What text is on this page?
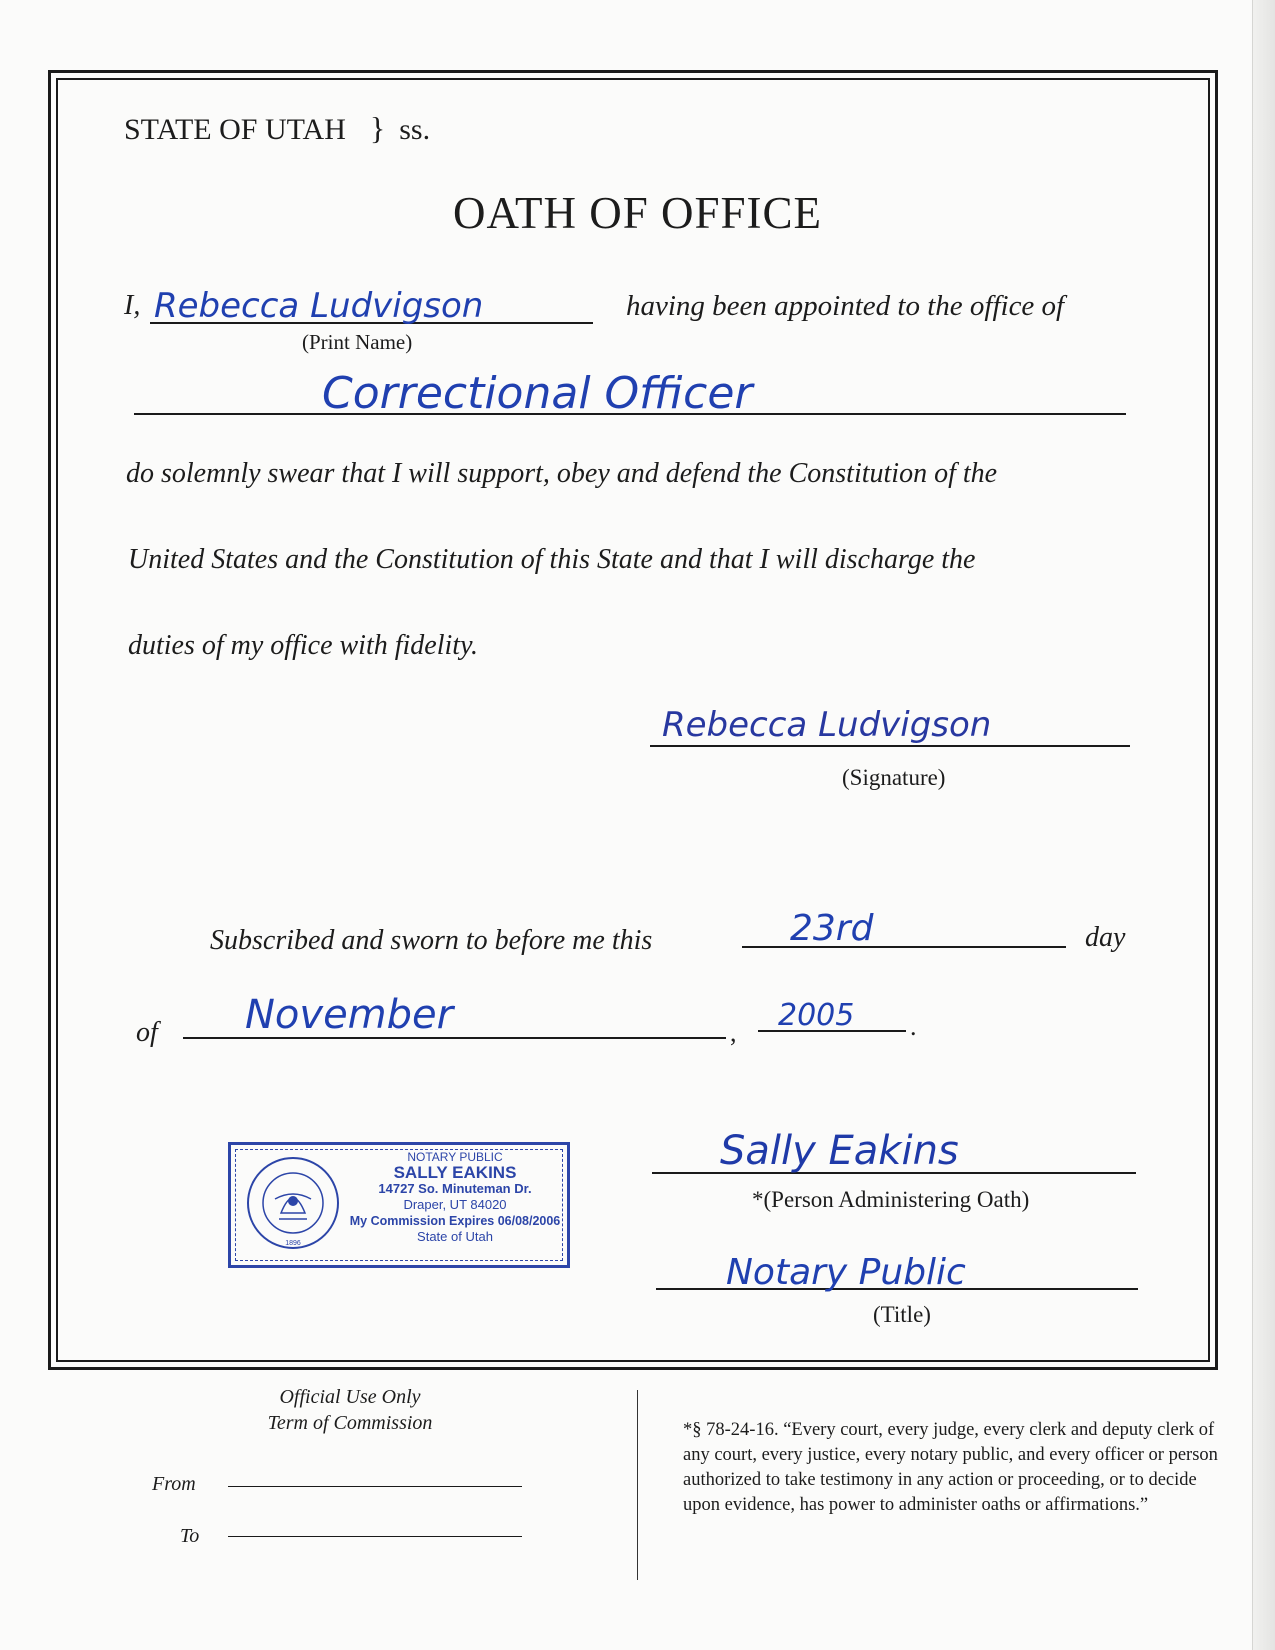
STATE OF UTAH } ss.
OATH OF OFFICE
I, Rebecca Ludvigson
(Print Name)
having been appointed to the office of
Correctional Officer
do solemnly swear that I will support, obey and defend the Constitution of the
United States and the Constitution of this State and that I will discharge the
duties of my office with fidelity.
Rebecca Ludvigson
(Signature)
Subscribed and sworn to before me this	23rd	day
of November	, 2005 .
1896
NOTARY PUBLIC
SALLY EAKINS
14727 So. Minuteman Dr.
Draper, UT 84020
My Commission Expires 06/08/2006
State of Utah
Sally Eakins
*(Person Administering Oath)
Notary Public
(Title)
Official Use Only
Term of Commission
From
To
*§ 78-24-16. “Every court, every judge, every clerk and deputy clerk of any court, every justice, every notary public, and every officer or person authorized to take testimony in any action or proceeding, or to decide upon evidence, has power to administer oaths or affirmations.”
